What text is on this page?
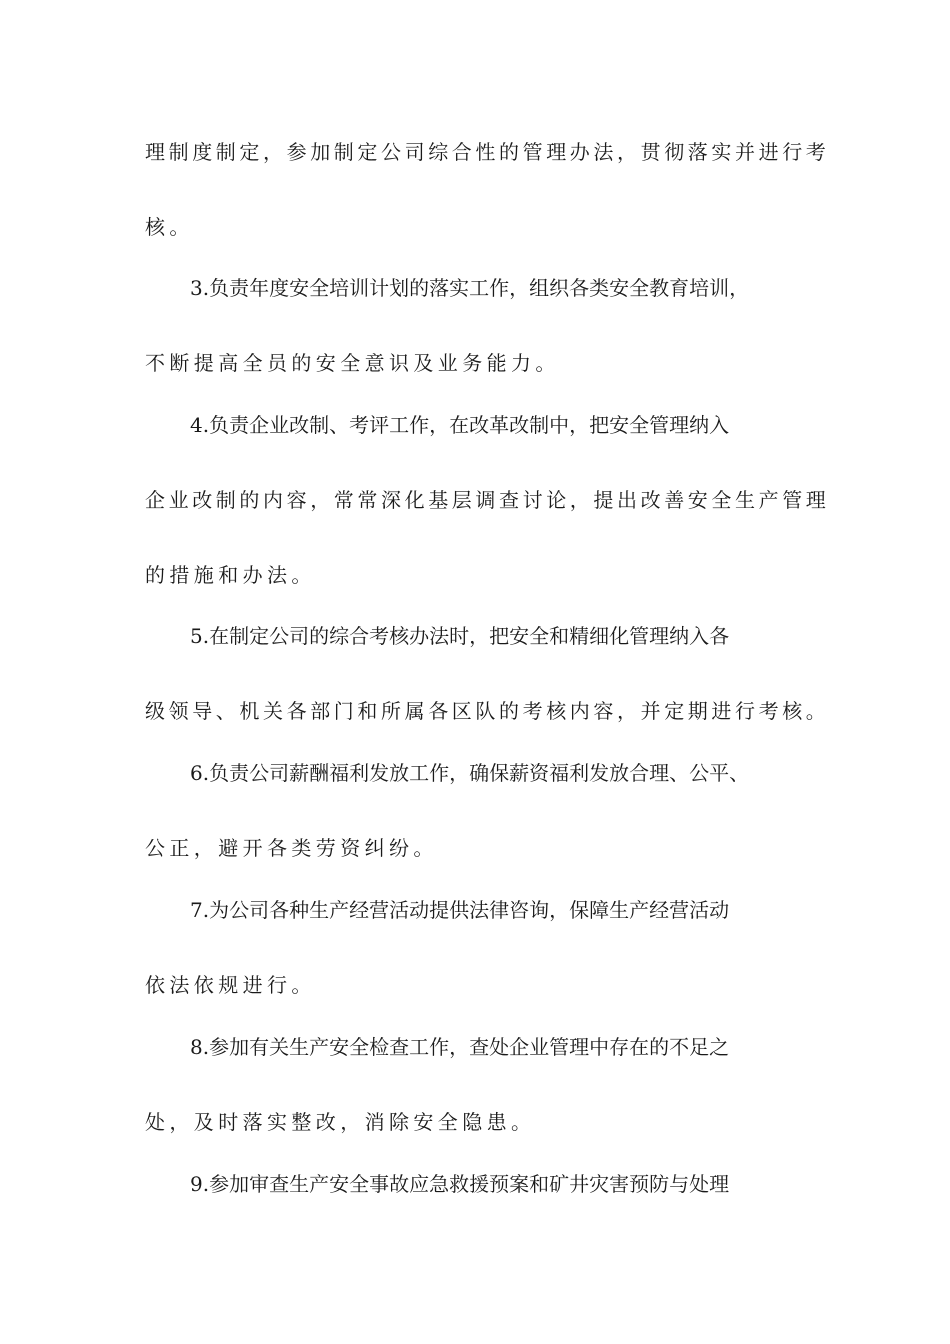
理制度制定，参加制定公司综合性的管理办法，贯彻落实并进行考
核。
3.负责年度安全培训计划的落实工作，组织各类安全教育培训，
不断提高全员的安全意识及业务能力。
4.负责企业改制、考评工作，在改革改制中，把安全管理纳入
企业改制的内容，常常深化基层调查讨论，提出改善安全生产管理
的措施和办法。
5.在制定公司的综合考核办法时，把安全和精细化管理纳入各
级领导、机关各部门和所属各区队的考核内容，并定期进行考核。
6.负责公司薪酬福利发放工作，确保薪资福利发放合理、公平、
公正，避开各类劳资纠纷。
7.为公司各种生产经营活动提供法律咨询，保障生产经营活动
依法依规进行。
8.参加有关生产安全检查工作，查处企业管理中存在的不足之
处，及时落实整改，消除安全隐患。
9.参加审查生产安全事故应急救援预案和矿井灾害预防与处理
